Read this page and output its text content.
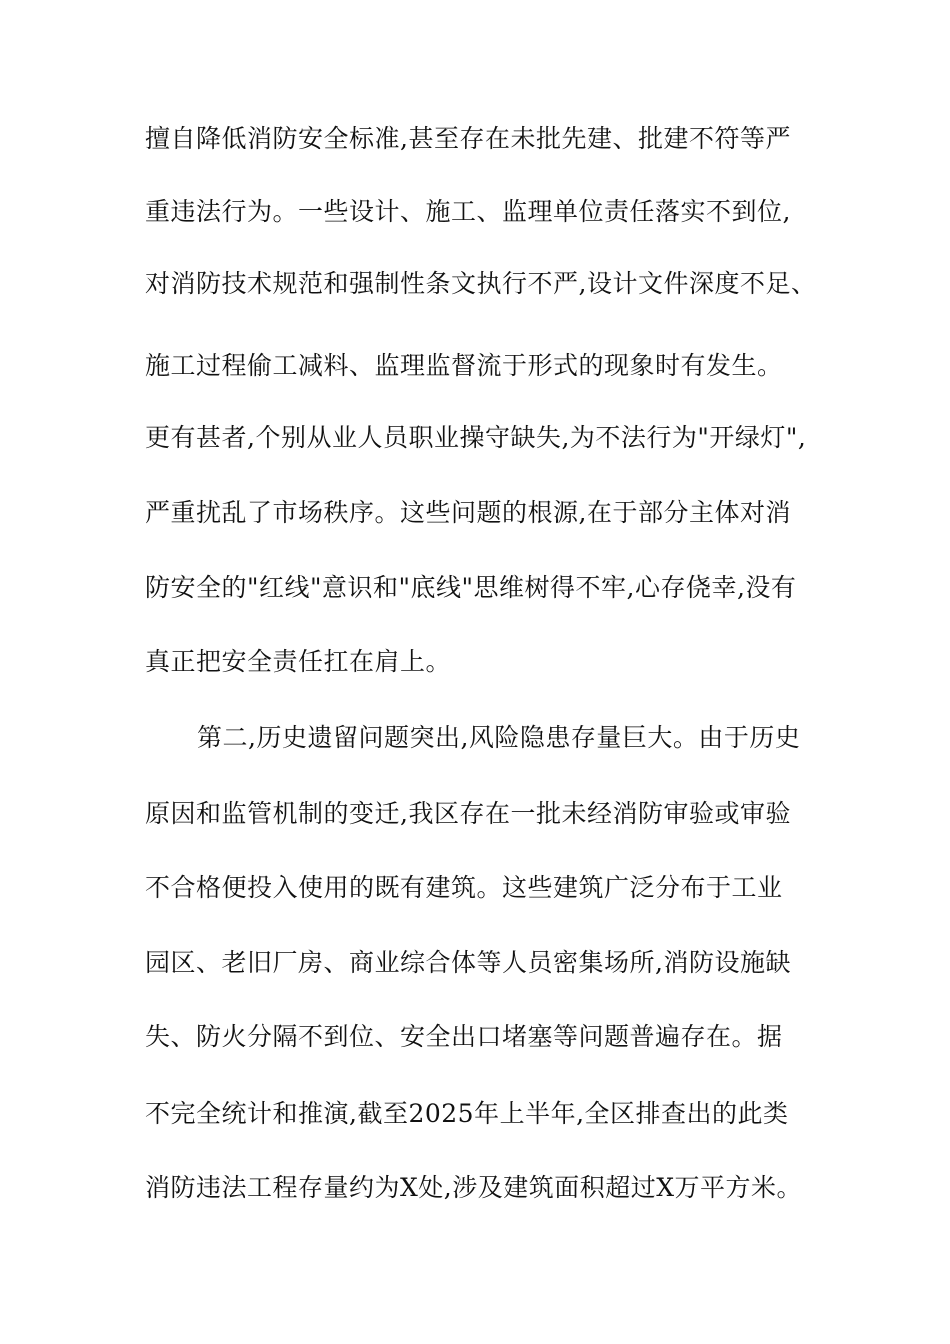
擅自降低消防安全标准,甚至存在未批先建、批建不符等严
重违法行为。一些设计、施工、监理单位责任落实不到位,
对消防技术规范和强制性条文执行不严,设计文件深度不足、
施工过程偷工减料、监理监督流于形式的现象时有发生。
更有甚者,个别从业人员职业操守缺失,为不法行为"开绿灯",
严重扰乱了市场秩序。这些问题的根源,在于部分主体对消
防安全的"红线"意识和"底线"思维树得不牢,心存侥幸,没有
真正把安全责任扛在肩上。
第二,历史遗留问题突出,风险隐患存量巨大。由于历史
原因和监管机制的变迁,我区存在一批未经消防审验或审验
不合格便投入使用的既有建筑。这些建筑广泛分布于工业
园区、老旧厂房、商业综合体等人员密集场所,消防设施缺
失、防火分隔不到位、安全出口堵塞等问题普遍存在。据
不完全统计和推演,截至2025年上半年,全区排查出的此类
消防违法工程存量约为X处,涉及建筑面积超过X万平方米。
